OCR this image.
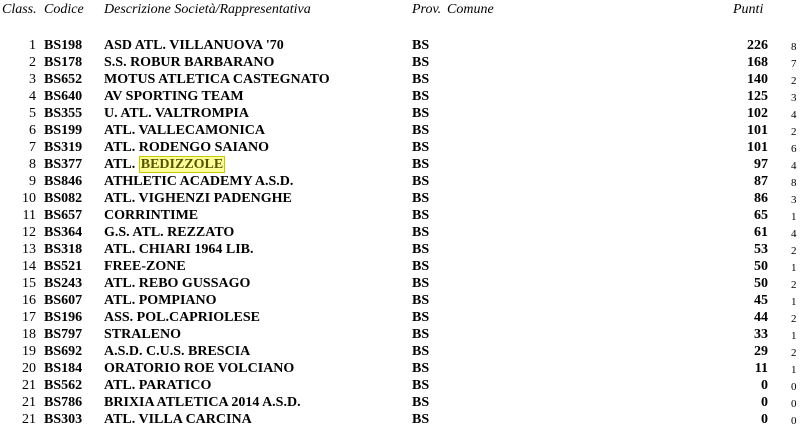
Class. Codice Descrizione Società/Rappresentativa	Prov. Comune	Punti
1 BS198 ASD ATL. VILLANUOVA '70	BS	226 8
2 BS178 S.S. ROBUR BARBARANO	BS	168 7
3 BS652 MOTUS ATLETICA CASTEGNATO	BS	140 2
4 BS640 AV SPORTING TEAM	BS	125 3
5 BS355 U. ATL. VALTROMPIA	BS	102 4
6 BS199 ATL. VALLECAMONICA	BS	101 2
7 BS319 ATL. RODENGO SAIANO	BS	101 6
8 BS377 ATL. BEDIZZOLE	BS	97 4
9 BS846 ATHLETIC ACADEMY A.S.D.	BS	87 8
10 BS082 ATL. VIGHENZI PADENGHE	BS	86 3
11 BS657 CORRINTIME	BS	65 1
12 BS364 G.S. ATL. REZZATO	BS	61 4
13 BS318 ATL. CHIARI 1964 LIB.	BS	53 2
14 BS521 FREE-ZONE	BS	50 1
15 BS243 ATL. REBO GUSSAGO	BS	50 2
16 BS607 ATL. POMPIANO	BS	45 1
17 BS196 ASS. POL.CAPRIOLESE	BS	44 2
18 BS797 STRALENO	BS	33 1
19 BS692 A.S.D. C.U.S. BRESCIA	BS	29 2
20 BS184 ORATORIO ROE VOLCIANO	BS	11 1
21 BS562 ATL. PARATICO	BS	0 0
21 BS786 BRIXIA ATLETICA 2014 A.S.D.	BS	0 0
21 BS303 ATL. VILLA CARCINA	BS	0 0
